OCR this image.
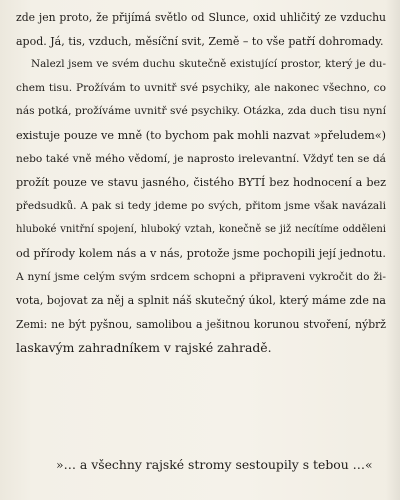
zde jen proto, že přijímá světlo od Slunce, oxid uhličitý ze vzduchu
apod. Já, tis, vzduch, měsíční svit, Země – to vše patří dohromady.
Nalezl jsem ve svém duchu skutečně existující prostor, který je du-
chem tisu. Prožívám to uvnitř své psychiky, ale nakonec všechno, co
nás potká, prožíváme uvnitř své psychiky. Otázka, zda duch tisu nyní
existuje pouze ve mně (to bychom pak mohli nazvat »přeludem«)
nebo také vně mého vědomí, je naprosto irelevantní. Vždyť ten se dá
prožít pouze ve stavu jasného, čistého BYTÍ bez hodnocení a bez
předsudků. A pak si tedy jdeme po svých, přitom jsme však navázali
hluboké vnitřní spojení, hluboký vztah, konečně se již necítíme odděleni
od přírody kolem nás a v nás, protože jsme pochopili její jednotu.
A nyní jsme celým svým srdcem schopni a připraveni vykročit do ži-
vota, bojovat za něj a splnit náš skutečný úkol, který máme zde na
Zemi: ne být pyšnou, samolibou a ješitnou korunou stvoření, nýbrž
laskavým zahradníkem v rajské zahradě.
»… a všechny rajské stromy sestoupily s tebou …«
